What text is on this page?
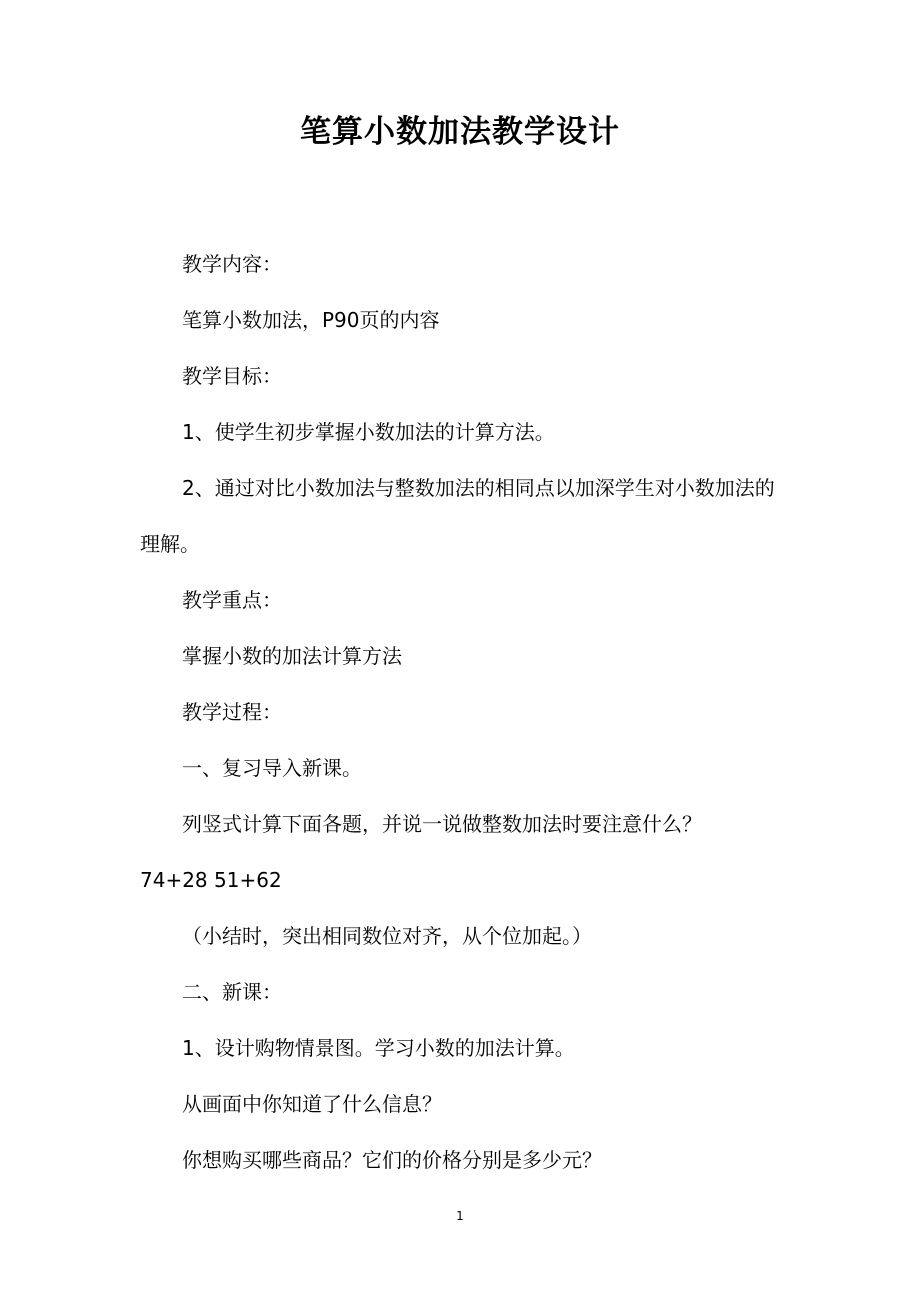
笔算小数加法教学设计

教学内容：

笔算小数加法，P90页的内容

教学目标：

1、使学生初步掌握小数加法的计算方法。

2、通过对比小数加法与整数加法的相同点以加深学生对小数加法的理解。

教学重点：

掌握小数的加法计算方法

教学过程：

一、复习导入新课。

列竖式计算下面各题，并说一说做整数加法时要注意什么？

74+28 51+62

（小结时，突出相同数位对齐，从个位加起。）

二、新课：

1、设计购物情景图。学习小数的加法计算。

从画面中你知道了什么信息？

你想购买哪些商品？它们的价格分别是多少元？

1
